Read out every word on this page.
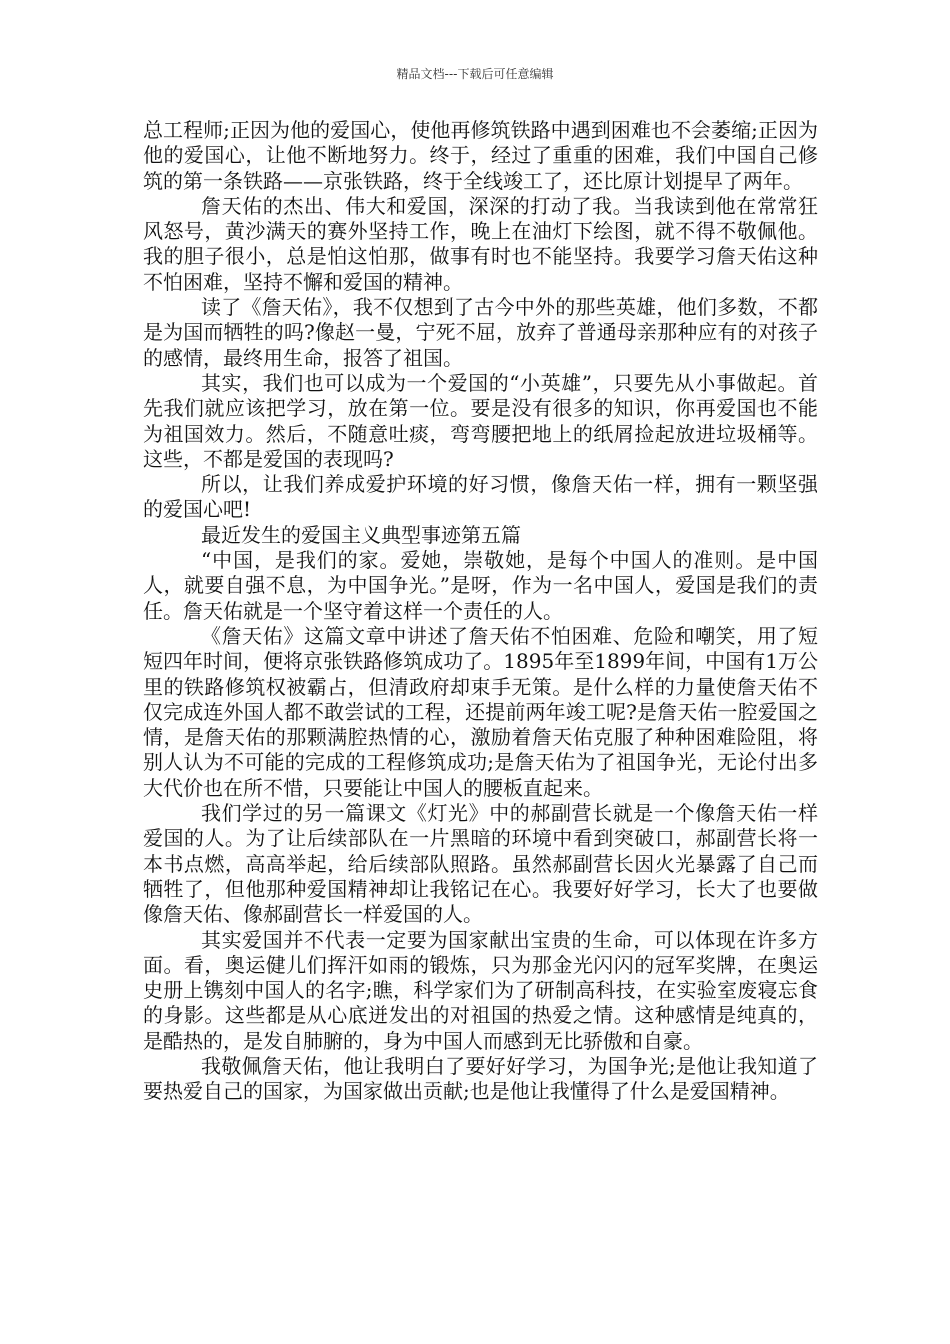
精品文档---下载后可任意编辑

总工程师;正因为他的爱国心，使他再修筑铁路中遇到困难也不会萎缩;正因为他的爱国心，让他不断地努力。终于，经过了重重的困难，我们中国自己修筑的第一条铁路——京张铁路，终于全线竣工了，还比原计划提早了两年。

詹天佑的杰出、伟大和爱国，深深的打动了我。当我读到他在常常狂风怒号，黄沙满天的赛外坚持工作，晚上在油灯下绘图，就不得不敬佩他。我的胆子很小，总是怕这怕那，做事有时也不能坚持。我要学习詹天佑这种不怕困难，坚持不懈和爱国的精神。

读了《詹天佑》，我不仅想到了古今中外的那些英雄，他们多数，不都是为国而牺牲的吗?像赵一曼，宁死不屈，放弃了普通母亲那种应有的对孩子的感情，最终用生命，报答了祖国。

其实，我们也可以成为一个爱国的“小英雄”，只要先从小事做起。首先我们就应该把学习，放在第一位。要是没有很多的知识，你再爱国也不能为祖国效力。然后，不随意吐痰，弯弯腰把地上的纸屑捡起放进垃圾桶等。这些，不都是爱国的表现吗?

所以，让我们养成爱护环境的好习惯，像詹天佑一样，拥有一颗坚强的爱国心吧!

最近发生的爱国主义典型事迹第五篇

“中国，是我们的家。爱她，崇敬她，是每个中国人的准则。是中国人，就要自强不息，为中国争光。”是呀，作为一名中国人，爱国是我们的责任。詹天佑就是一个坚守着这样一个责任的人。

《詹天佑》这篇文章中讲述了詹天佑不怕困难、危险和嘲笑，用了短短四年时间，便将京张铁路修筑成功了。1895年至1899年间，中国有1万公里的铁路修筑权被霸占，但清政府却束手无策。是什么样的力量使詹天佑不仅完成连外国人都不敢尝试的工程，还提前两年竣工呢?是詹天佑一腔爱国之情，是詹天佑的那颗满腔热情的心，激励着詹天佑克服了种种困难险阻，将别人认为不可能的完成的工程修筑成功;是詹天佑为了祖国争光，无论付出多大代价也在所不惜，只要能让中国人的腰板直起来。

我们学过的另一篇课文《灯光》中的郝副营长就是一个像詹天佑一样爱国的人。为了让后续部队在一片黑暗的环境中看到突破口，郝副营长将一本书点燃，高高举起，给后续部队照路。虽然郝副营长因火光暴露了自己而牺牲了，但他那种爱国精神却让我铭记在心。我要好好学习，长大了也要做像詹天佑、像郝副营长一样爱国的人。

其实爱国并不代表一定要为国家献出宝贵的生命，可以体现在许多方面。看，奥运健儿们挥汗如雨的锻炼，只为那金光闪闪的冠军奖牌，在奥运史册上镌刻中国人的名字;瞧，科学家们为了研制高科技，在实验室废寝忘食的身影。这些都是从心底迸发出的对祖国的热爱之情。这种感情是纯真的，是酷热的，是发自肺腑的，身为中国人而感到无比骄傲和自豪。

我敬佩詹天佑，他让我明白了要好好学习，为国争光;是他让我知道了要热爱自己的国家，为国家做出贡献;也是他让我懂得了什么是爱国精神。
